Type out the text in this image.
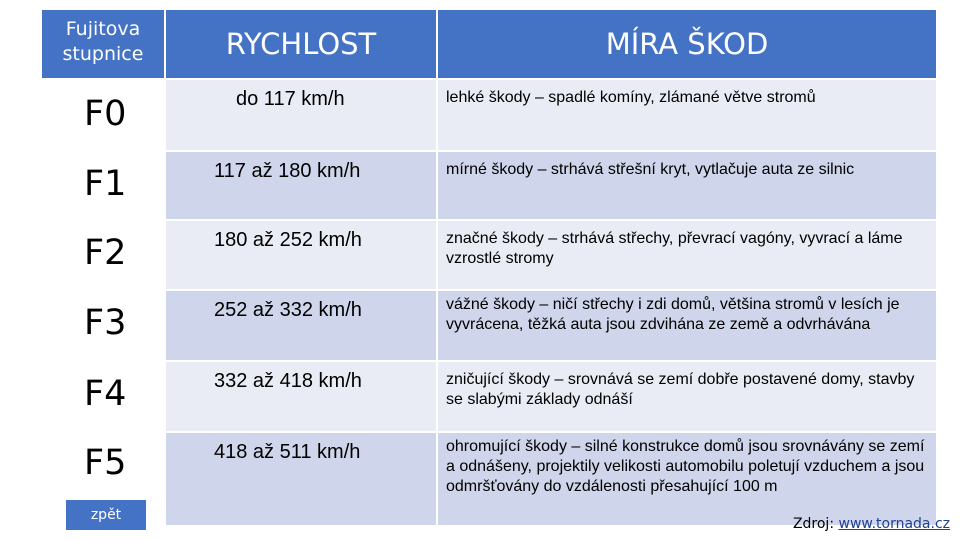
Fujitova stupnice	RYCHLOST	MÍRA ŠKOD
F0	do 117 km/h	lehké škody – spadlé komíny, zlámané větve stromů
F1	117 až 180 km/h	mírné škody – strhává střešní kryt, vytlačuje auta ze silnic
F2	180 až 252 km/h	značné škody – strhává střechy, převrací vagóny, vyvrací a láme vzrostlé stromy
F3	252 až 332 km/h	vážné škody – ničí střechy i zdi domů, většina stromů v lesích je vyvrácena, těžká auta jsou zdvihána ze země a odvrhávána
F4	332 až 418 km/h	zničující škody – srovnává se zemí dobře postavené domy, stavby se slabými základy odnáší
F5	418 až 511 km/h	ohromující škody – silné konstrukce domů jsou srovnávány se zemí a odnášeny, projektily velikosti automobilu poletují vzduchem a jsou odmršťovány do vzdálenosti přesahující 100 m
zpět
Zdroj: www.tornada.cz
